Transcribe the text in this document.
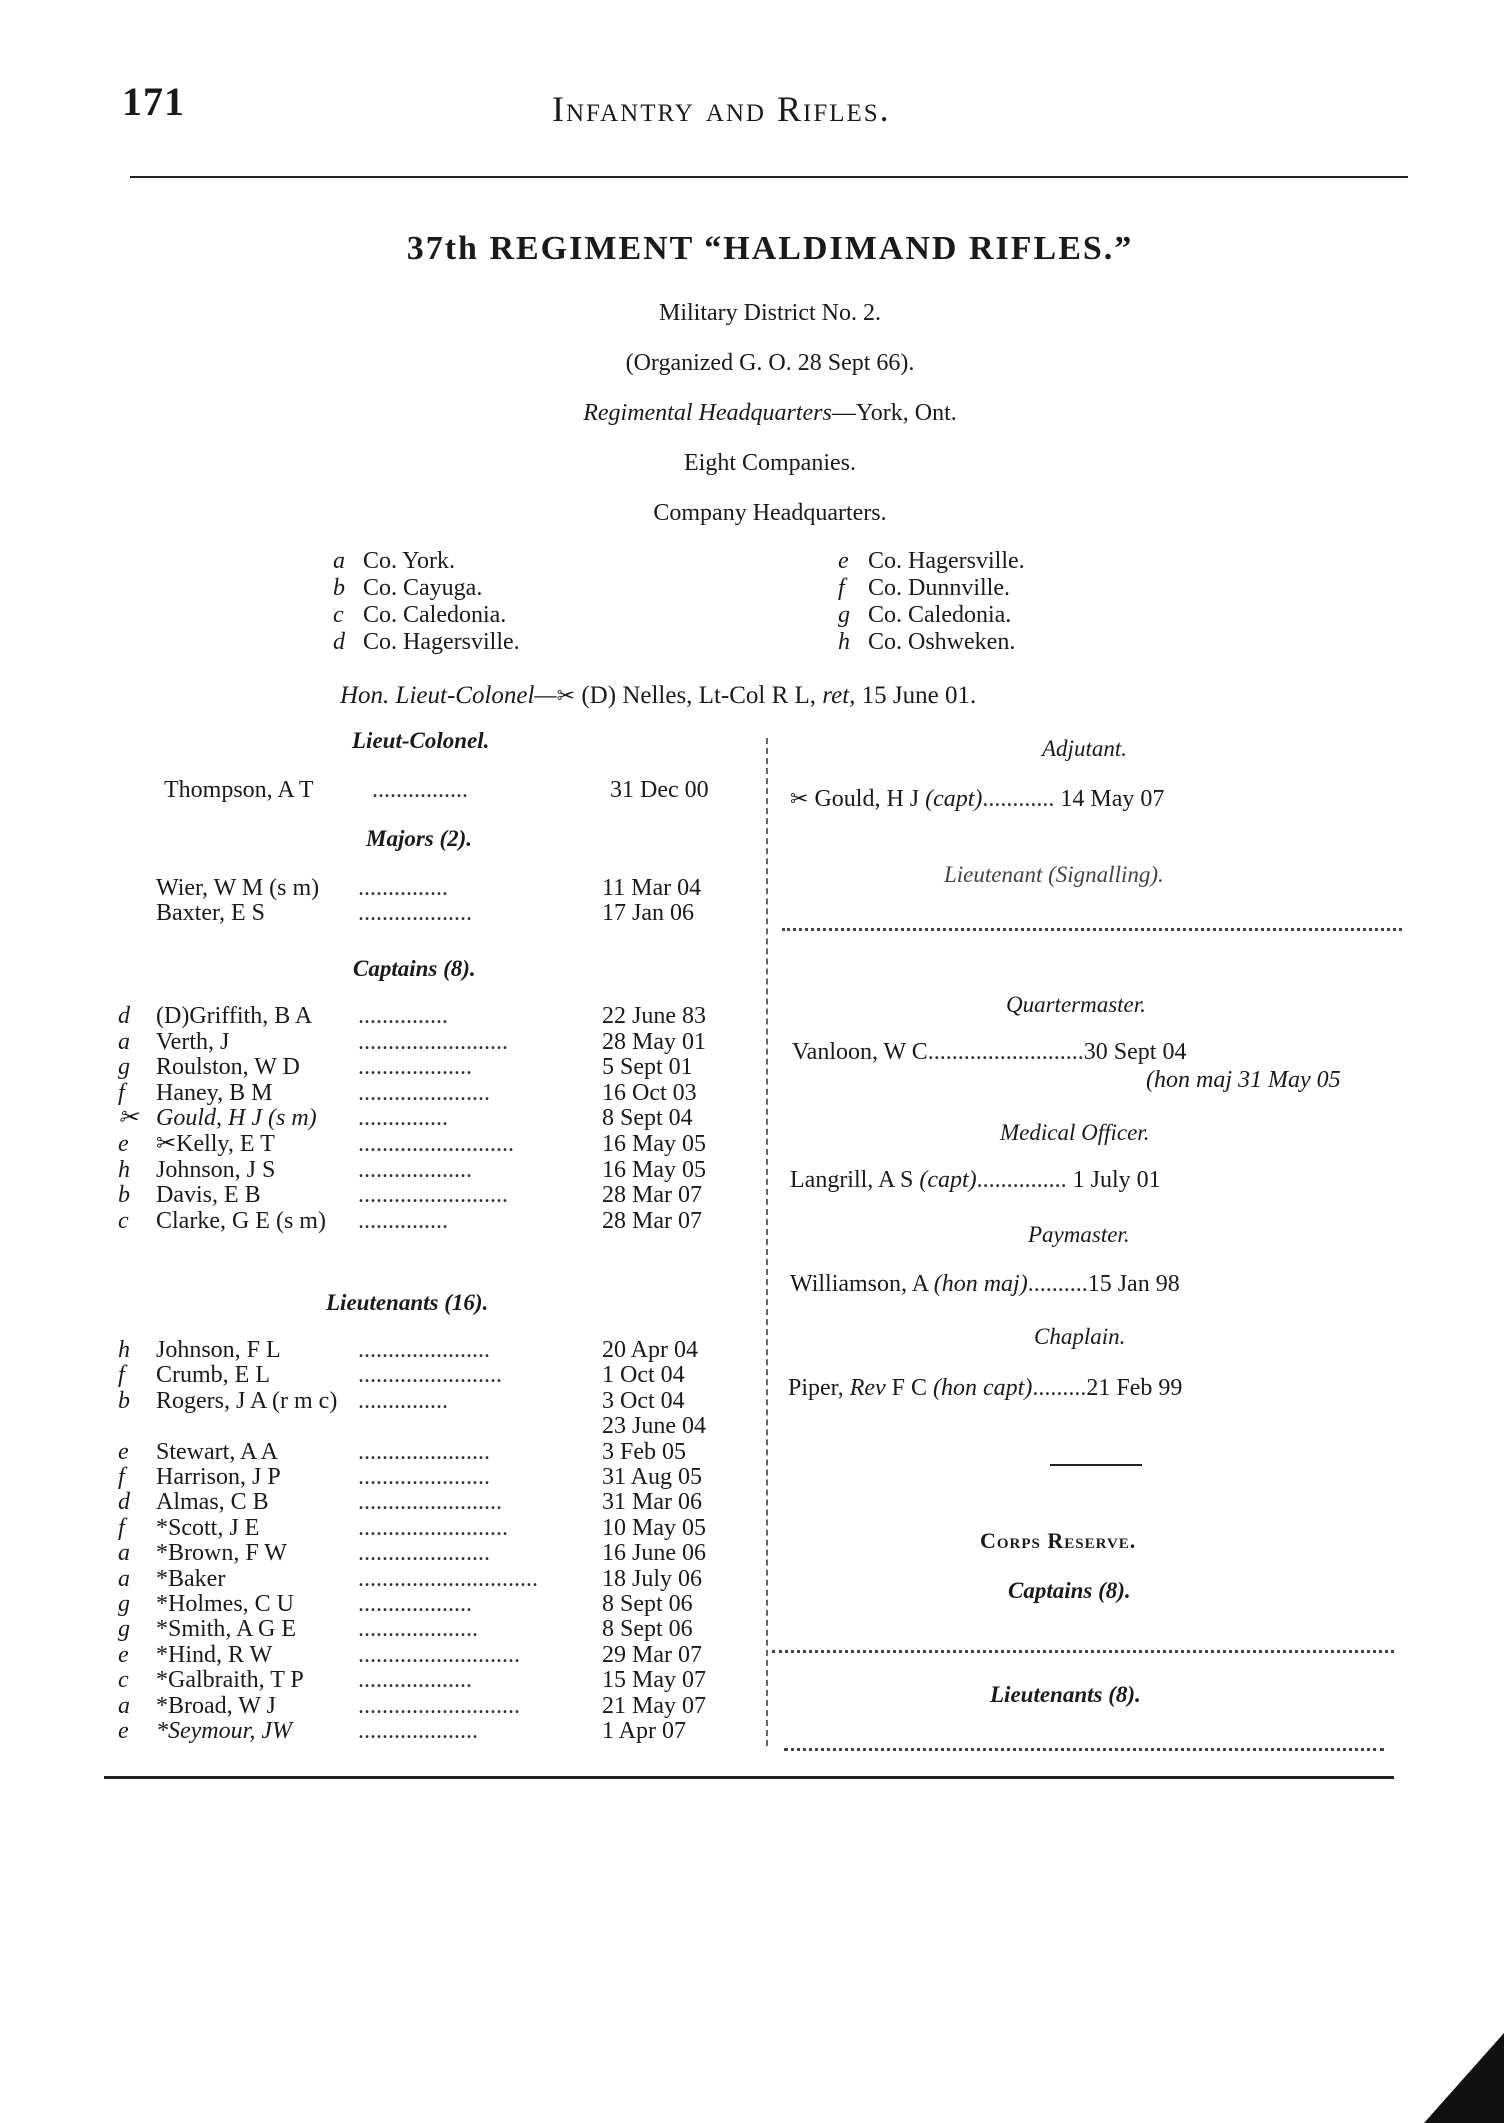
171	Infantry and Rifles.
37th REGIMENT “HALDIMAND RIFLES.”
Military District No. 2.
(Organized G. O. 28 Sept 66).
Regimental Headquarters—York, Ont.
Eight Companies.
Company Headquarters.
a Co. York.
b Co. Cayuga.
c Co. Caledonia.
d Co. Hagersville.
e Co. Hagersville.
f Co. Dunnville.
g Co. Caledonia.
h Co. Oshweken.
Hon. Lieut-Colonel—✂ (D) Nelles, Lt-Col R L, ret, 15 June 01.
Lieut-Colonel.
Thompson, A T ................	31 Dec 00
Majors (2).
Wier, W M (s m) ...............	11 Mar 04
Baxter, E S	...................	17 Jan 06
d (D)Griffith, B A ...............	22 June 83
a Verth, J	.........................	28 May 01
g Roulston, W D ...................	5 Sept 01
f Haney, B M	......................	16 Oct 03
✂ Gould, H J (s m) ...............	8 Sept 04
e ✂Kelly, E T	..........................	16 May 05
h Johnson, J S	...................	16 May 05
b Davis, E B	.........................	28 Mar 07
c Clarke, G E (s m) ...............	28 Mar 07
Captains (8).
Lieutenants (16).
h Johnson, F L	......................	20 Apr 04
f Crumb, E L	........................	1 Oct 04
b Rogers, J A (r m c) ...............	3 Oct 04
23 June 04
e Stewart, A A	......................	3 Feb 05
f Harrison, J P	......................	31 Aug 05
d Almas, C B	........................	31 Mar 06
f *Scott, J E	.........................	10 May 05
a *Brown, F W	......................	16 June 06
a *Baker	..............................	18 July 06
g *Holmes, C U	...................	8 Sept 06
g *Smith, A G E	....................	8 Sept 06
e *Hind, R W	...........................	29 Mar 07
c *Galbraith, T P ...................	15 May 07
a *Broad, W J	...........................	21 May 07
e *Seymour, JW	....................	1 Apr 07
Adjutant.
✂ Gould, H J (capt)............ 14 May 07
Lieutenant (Signalling).
Quartermaster.
Vanloon, W C..........................30 Sept 04
(hon maj 31 May 05
Medical Officer.
Langrill, A S (capt)............... 1 July 01
Paymaster.
Williamson, A (hon maj)..........15 Jan 98
Chaplain.
Piper, Rev F C (hon capt).........21 Feb 99
Corps Reserve.
Captains (8).
Lieutenants (8).
